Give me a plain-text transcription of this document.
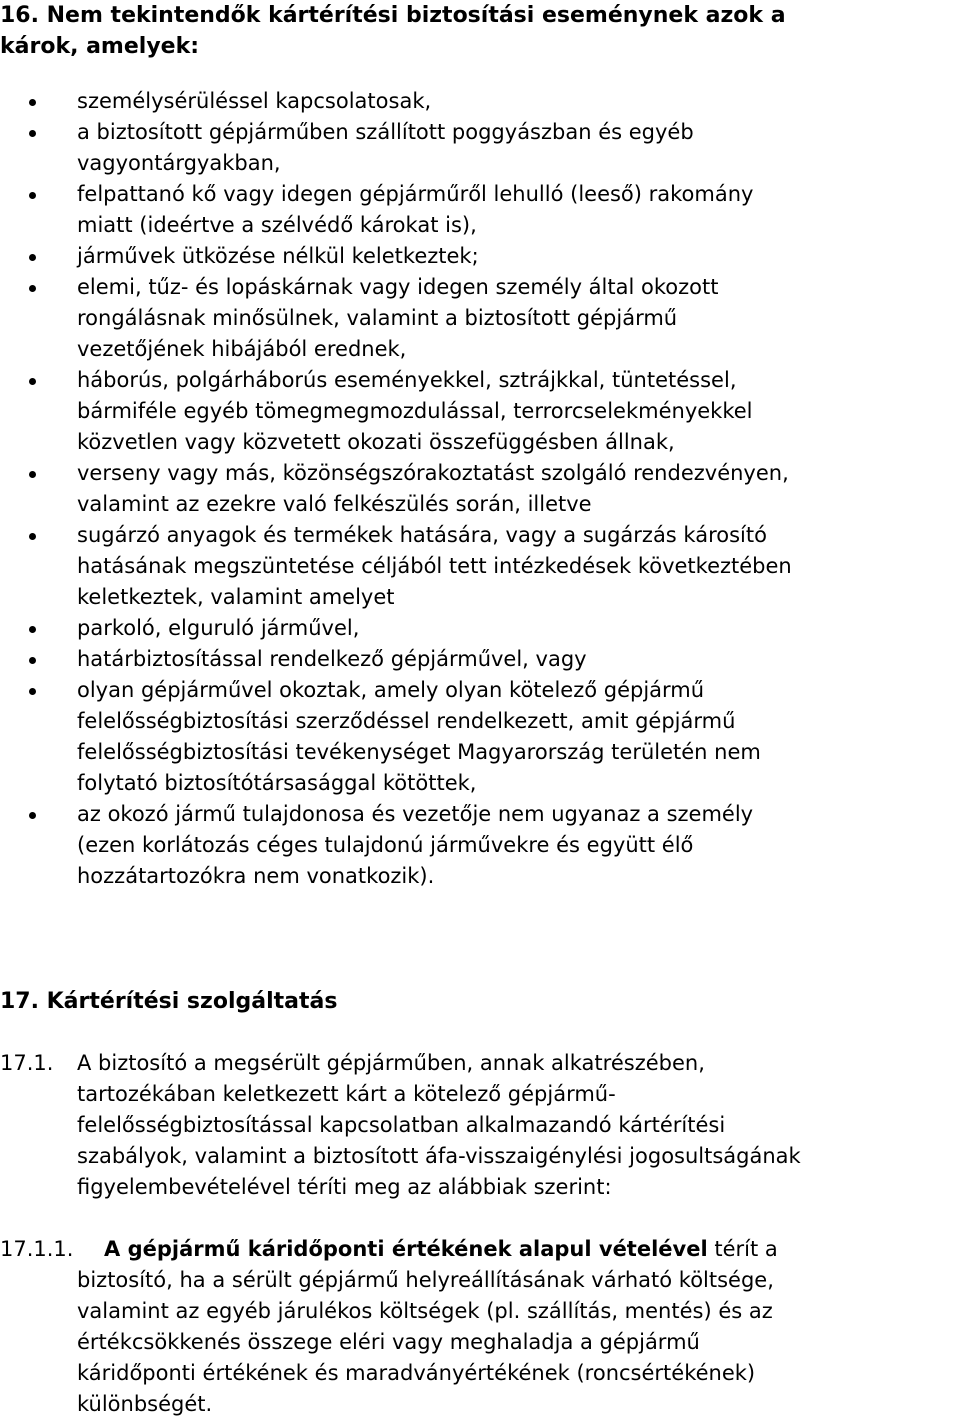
16. Nem tekintendők kártérítési biztosítási eseménynek azok a
károk, amelyek:
személysérüléssel kapcsolatosak,
a biztosított gépjárműben szállított poggyászban és egyéb
vagyontárgyakban,
felpattanó kő vagy idegen gépjárműről lehulló (leeső) rakomány
miatt (ideértve a szélvédő károkat is),
járművek ütközése nélkül keletkeztek;
elemi, tűz- és lopáskárnak vagy idegen személy által okozott
rongálásnak minősülnek, valamint a biztosított gépjármű
vezetőjének hibájából erednek,
háborús, polgárháborús eseményekkel, sztrájkkal, tüntetéssel,
bármiféle egyéb tömegmegmozdulással, terrorcselekményekkel
közvetlen vagy közvetett okozati összefüggésben állnak,
verseny vagy más, közönségszórakoztatást szolgáló rendezvényen,
valamint az ezekre való felkészülés során, illetve
sugárzó anyagok és termékek hatására, vagy a sugárzás károsító
hatásának megszüntetése céljából tett intézkedések következtében
keletkeztek, valamint amelyet
parkoló, elguruló járművel,
határbiztosítással rendelkező gépjárművel, vagy
olyan gépjárművel okoztak, amely olyan kötelező gépjármű
felelősségbiztosítási szerződéssel rendelkezett, amit gépjármű
felelősségbiztosítási tevékenységet Magyarország területén nem
folytató biztosítótársasággal kötöttek,
az okozó jármű tulajdonosa és vezetője nem ugyanaz a személy
(ezen korlátozás céges tulajdonú járművekre és együtt élő
hozzátartozókra nem vonatkozik).
17. Kártérítési szolgáltatás
17.1. A biztosító a megsérült gépjárműben, annak alkatrészében,
tartozékában keletkezett kárt a kötelező gépjármű-
felelősségbiztosítással kapcsolatban alkalmazandó kártérítési
szabályok, valamint a biztosított áfa-visszaigénylési jogosultságának
figyelembevételével téríti meg az alábbiak szerint:
17.1.1.	A gépjármű káridőponti értékének alapul vételével térít a
biztosító, ha a sérült gépjármű helyreállításának várható költsége,
valamint az egyéb járulékos költségek (pl. szállítás, mentés) és az
értékcsökkenés összege eléri vagy meghaladja a gépjármű
káridőponti értékének és maradványértékének (roncsértékének)
különbségét.
